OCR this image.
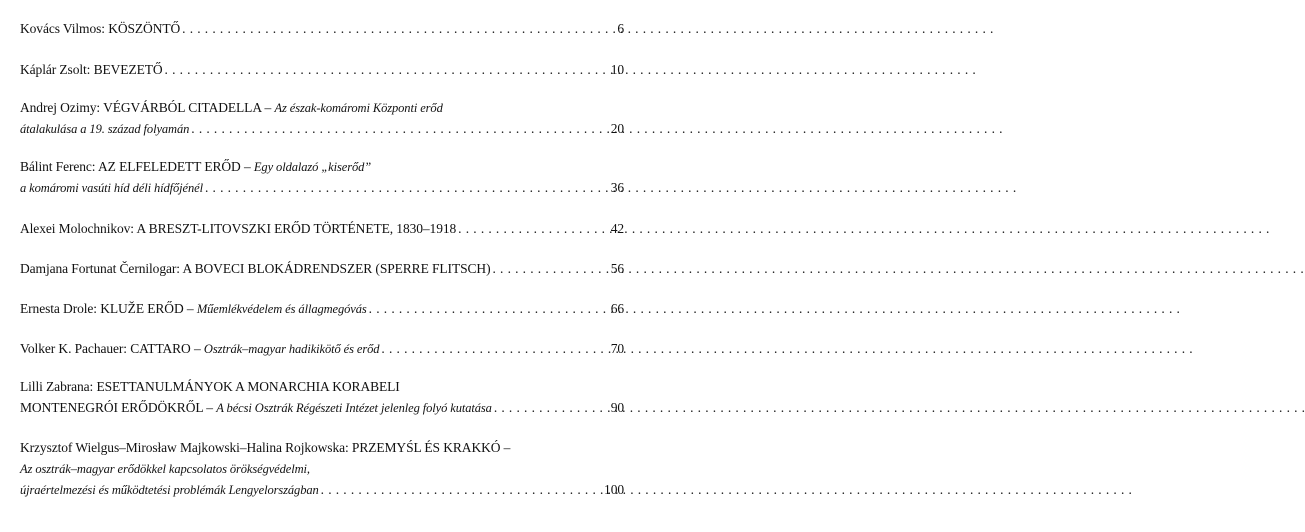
Kovács Vilmos: KÖSZÖNTŐ . . .	6
Káplár Zsolt: BEVEZETŐ . . .	10
Andrej Ozimy: VÉGVÁRBÓL CITADELLA – Az észak-komáromi Központi erőd
átalakulása a 19. század folyamán . . .	20
Bálint Ferenc: AZ ELFELEDETT ERŐD – Egy oldalazó „kiserőd”
a komáromi vasúti híd déli hídfőjénél . . .	36
Alexei Molochnikov: A BRESZT-LITOVSZKI ERŐD TÖRTÉNETE, 1830–1918 . . .	42
Damjana Fortunat Černilogar: A BOVECI BLOKÁDRENDSZER (SPERRE FLITSCH) . . .	56
Ernesta Drole: KLUŽE ERŐD – Műemlékvédelem és állagmegóvás . . .	66
Volker K. Pachauer: CATTARO – Osztrák–magyar hadikikötő és erőd . . .	70
Lilli Zabrana: ESETTANULMÁNYOK A MONARCHIA KORABELI
MONTENEGRÓI ERŐDÖKRŐL – A bécsi Osztrák Régészeti Intézet jelenleg folyó kutatása . . .	90
Krzysztof Wielgus–Mirosław Majkowski–Halina Rojkowska: PRZEMYŚL ÉS KRAKKÓ –
Az osztrák–magyar erődökkel kapcsolatos örökségvédelmi,
újraértelmezési és működtetési problémák Lengyelországban . . .	100
